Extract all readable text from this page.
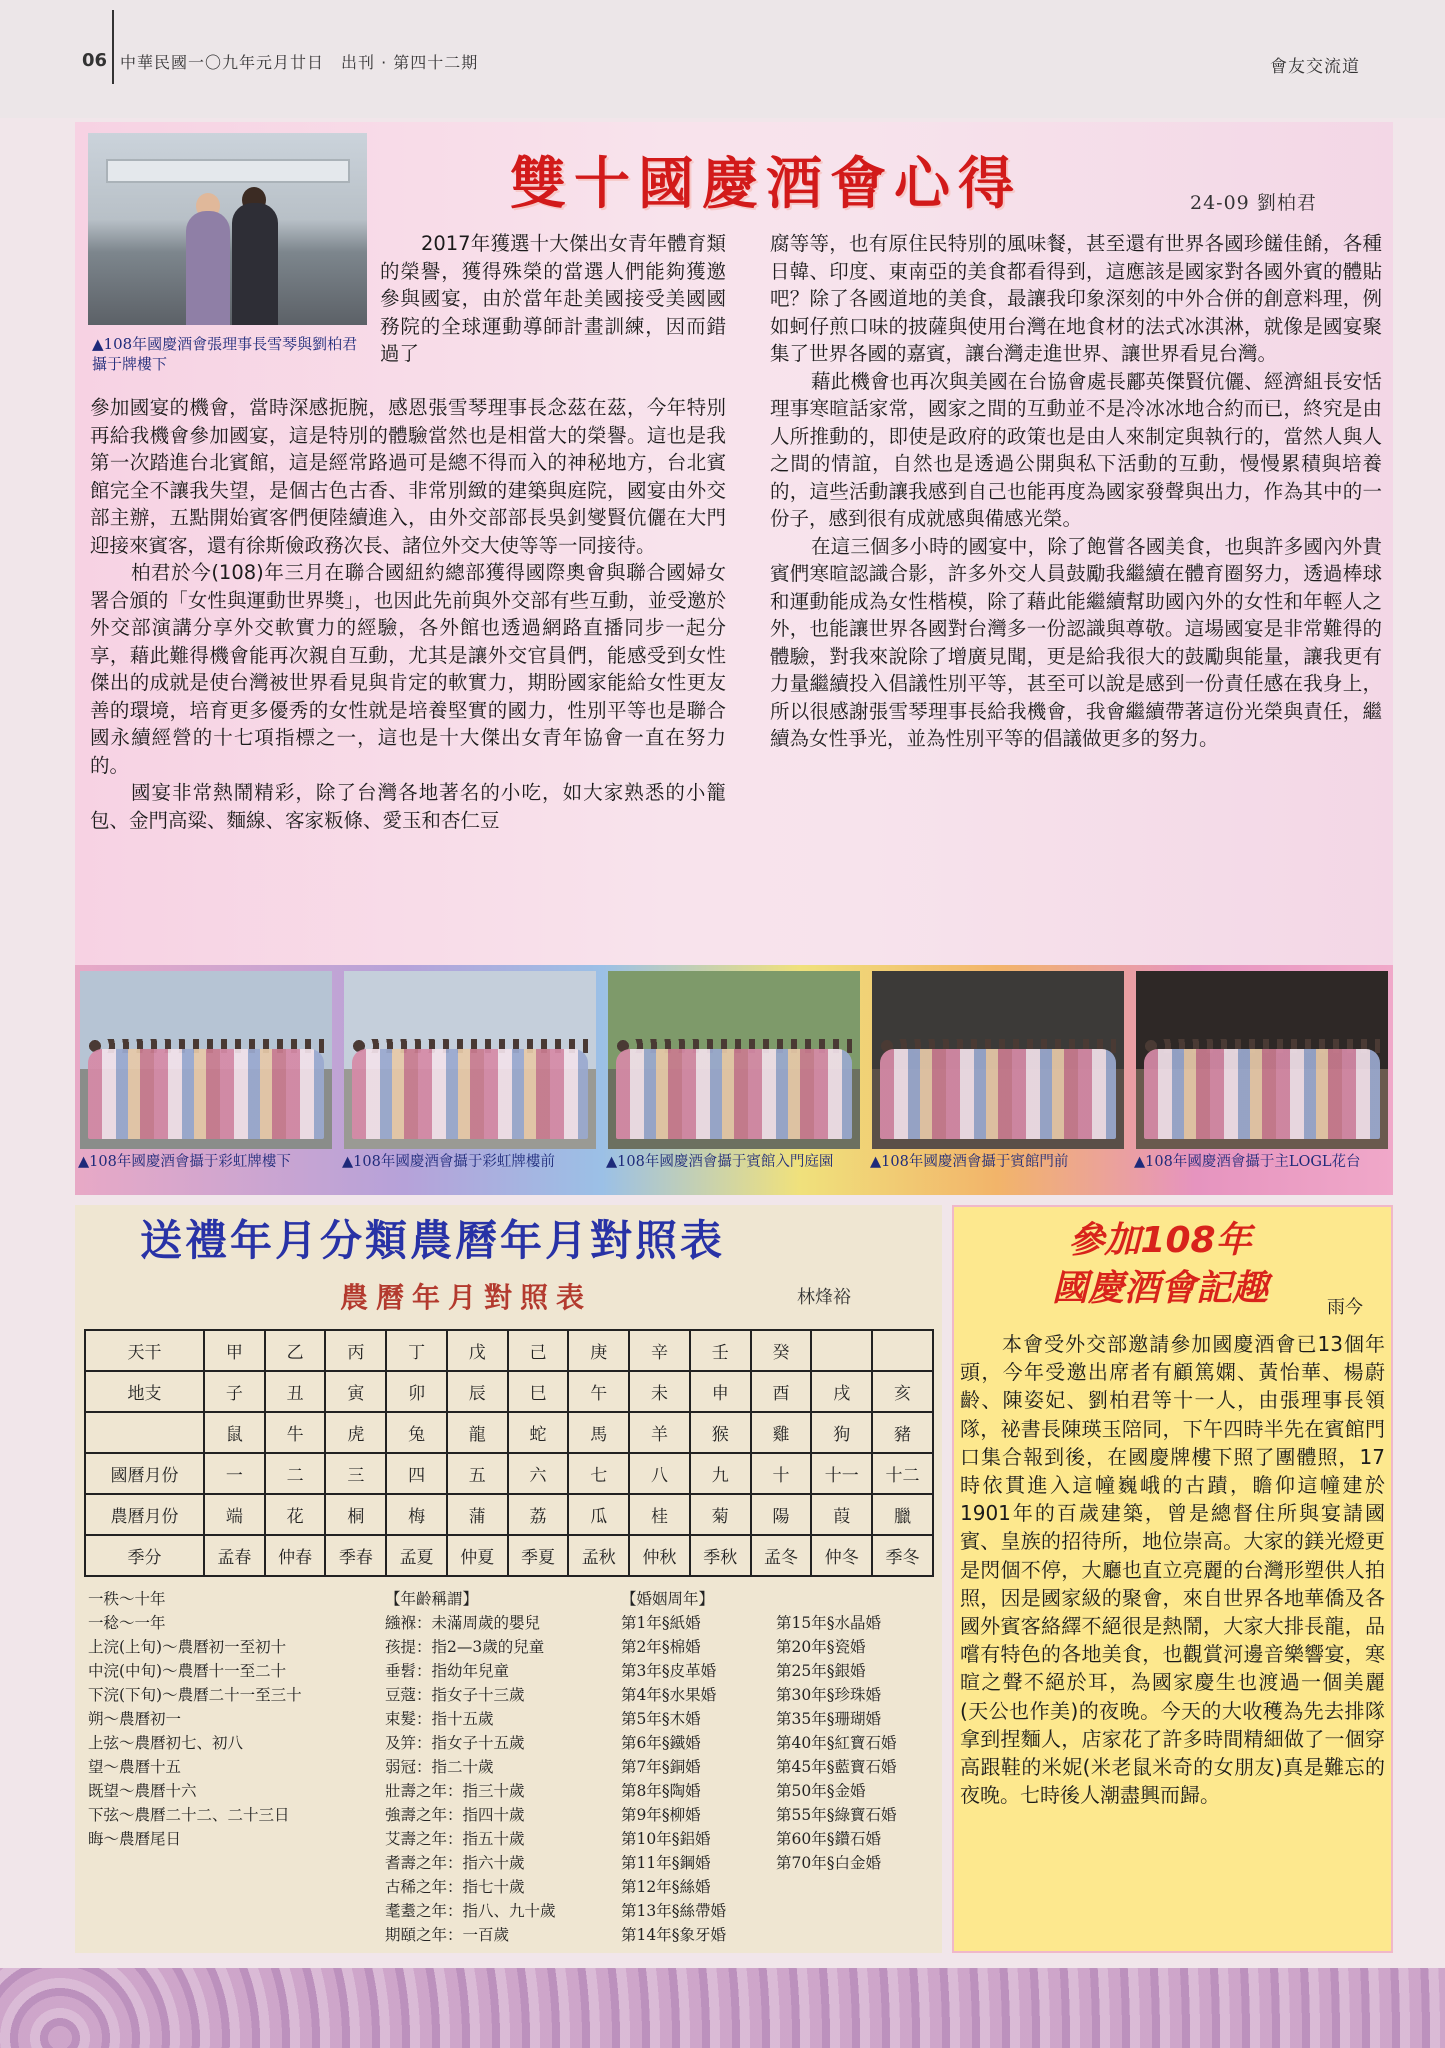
06 中華民國一〇九年元月廿日　出刊 · 第四十二期	會友交流道
▲108年國慶酒會張理事長雪琴與劉柏君攝于牌樓下
雙十國慶酒會心得	24-09 劉柏君

2017年獲選十大傑出女青年體育類的榮譽，獲得殊榮的當選人們能夠獲邀參與國宴，由於當年赴美國接受美國國務院的全球運動導師計畫訓練，因而錯過了

參加國宴的機會，當時深感扼腕，感恩張雪琴理事長念茲在茲，今年特別再給我機會參加國宴，這是特別的體驗當然也是相當大的榮譽。這也是我第一次踏進台北賓館，這是經常路過可是總不得而入的神秘地方，台北賓館完全不讓我失望，是個古色古香、非常別緻的建築與庭院，國宴由外交部主辦，五點開始賓客們便陸續進入，由外交部部長吳釗燮賢伉儷在大門迎接來賓客，還有徐斯儉政務次長、諸位外交大使等等一同接待。

柏君於今(108)年三月在聯合國紐約總部獲得國際奧會與聯合國婦女署合頒的「女性與運動世界獎」，也因此先前與外交部有些互動，並受邀於外交部演講分享外交軟實力的經驗，各外館也透過網路直播同步一起分享，藉此難得機會能再次親自互動，尤其是讓外交官員們，能感受到女性傑出的成就是使台灣被世界看見與肯定的軟實力，期盼國家能給女性更友善的環境，培育更多優秀的女性就是培養堅實的國力，性別平等也是聯合國永續經營的十七項指標之一，這也是十大傑出女青年協會一直在努力的。

國宴非常熱鬧精彩，除了台灣各地著名的小吃，如大家熟悉的小籠包、金門高粱、麵線、客家粄條、愛玉和杏仁豆

腐等等，也有原住民特別的風味餐，甚至還有世界各國珍饈佳餚，各種日韓、印度、東南亞的美食都看得到，這應該是國家對各國外賓的體貼吧？除了各國道地的美食，最讓我印象深刻的中外合併的創意料理，例如蚵仔煎口味的披薩與使用台灣在地食材的法式冰淇淋，就像是國宴聚集了世界各國的嘉賓，讓台灣走進世界、讓世界看見台灣。

藉此機會也再次與美國在台協會處長酈英傑賢伉儷、經濟組長安恬理事寒暄話家常，國家之間的互動並不是冷冰冰地合約而已，終究是由人所推動的，即使是政府的政策也是由人來制定與執行的，當然人與人之間的情誼，自然也是透過公開與私下活動的互動，慢慢累積與培養的，這些活動讓我感到自己也能再度為國家發聲與出力，作為其中的一份子，感到很有成就感與備感光榮。

在這三個多小時的國宴中，除了飽嘗各國美食，也與許多國內外貴賓們寒暄認識合影，許多外交人員鼓勵我繼續在體育圈努力，透過棒球和運動能成為女性楷模，除了藉此能繼續幫助國內外的女性和年輕人之外，也能讓世界各國對台灣多一份認識與尊敬。這場國宴是非常難得的體驗，對我來說除了增廣見聞，更是給我很大的鼓勵與能量，讓我更有力量繼續投入倡議性別平等，甚至可以說是感到一份責任感在我身上，所以很感謝張雪琴理事長給我機會，我會繼續帶著這份光榮與責任，繼續為女性爭光，並為性別平等的倡議做更多的努力。

▲108年國慶酒會攝于彩虹牌樓下	▲108年國慶酒會攝于彩虹牌樓前	▲108年國慶酒會攝于賓館入門庭園	▲108年國慶酒會攝于賓館門前	▲108年國慶酒會攝于主LOGL花台
送禮年月分類農曆年月對照表
農曆年月對照表	林烽裕
天干	甲	乙	丙	丁	戊	己	庚	辛	壬	癸		
地支	子	丑	寅	卯	辰	巳	午	未	申	酉	戌	亥
	鼠	牛	虎	兔	龍	蛇	馬	羊	猴	雞	狗	豬
國曆月份	一	二	三	四	五	六	七	八	九	十	十一	十二
農曆月份	端	花	桐	梅	蒲	荔	瓜	桂	菊	陽	葭	臘
季分	孟春	仲春	季春	孟夏	仲夏	季夏	孟秋	仲秋	季秋	孟冬	仲冬	季冬
一秩～十年
一稔～一年
上浣(上旬)～農曆初一至初十
中浣(中旬)～農曆十一至二十
下浣(下旬)～農曆二十一至三十
朔～農曆初一
上弦～農曆初七、初八
望～農曆十五
既望～農曆十六
下弦～農曆二十二、二十三日
晦～農曆尾日
【年齡稱謂】
繈褓：未滿周歲的嬰兒
孩提：指2—3歲的兒童
垂髫：指幼年兒童
豆蔻：指女子十三歲
束髮：指十五歲
及笄：指女子十五歲
弱冠：指二十歲
壯壽之年：指三十歲
強壽之年：指四十歲
艾壽之年：指五十歲
耆壽之年：指六十歲
古稀之年：指七十歲
耄耋之年：指八、九十歲
期頤之年：一百歲
【婚姻周年】
第1年§紙婚
第2年§棉婚
第3年§皮革婚
第4年§水果婚
第5年§木婚
第6年§鐵婚
第7年§銅婚
第8年§陶婚
第9年§柳婚
第10年§鋁婚
第11年§鋼婚
第12年§絲婚
第13年§絲帶婚
第14年§象牙婚

第15年§水晶婚
第20年§瓷婚
第25年§銀婚
第30年§珍珠婚
第35年§珊瑚婚
第40年§紅寶石婚
第45年§藍寶石婚
第50年§金婚
第55年§綠寶石婚
第60年§鑽石婚
第70年§白金婚
參加108年
國慶酒會記趣	雨今

本會受外交部邀請參加國慶酒會已13個年頭，今年受邀出席者有顧篤嫻、黃怡華、楊蔚齡、陳姿妃、劉柏君等十一人，由張理事長領隊，祕書長陳瑛玉陪同，下午四時半先在賓館門口集合報到後，在國慶牌樓下照了團體照，17時依貫進入這幢巍峨的古蹟，瞻仰這幢建於1901年的百歲建築，曾是總督住所與宴請國賓、皇族的招待所，地位崇高。大家的鎂光燈更是閃個不停，大廳也直立亮麗的台灣形塑供人拍照，因是國家級的聚會，來自世界各地華僑及各國外賓客絡繹不絕很是熱鬧，大家大排長龍，品嚐有特色的各地美食，也觀賞河邊音樂響宴，寒暄之聲不絕於耳，為國家慶生也渡過一個美麗(天公也作美)的夜晚。今天的大收穫為先去排隊拿到捏麵人，店家花了許多時間精細做了一個穿高跟鞋的米妮(米老鼠米奇的女朋友)真是難忘的夜晚。七時後人潮盡興而歸。
